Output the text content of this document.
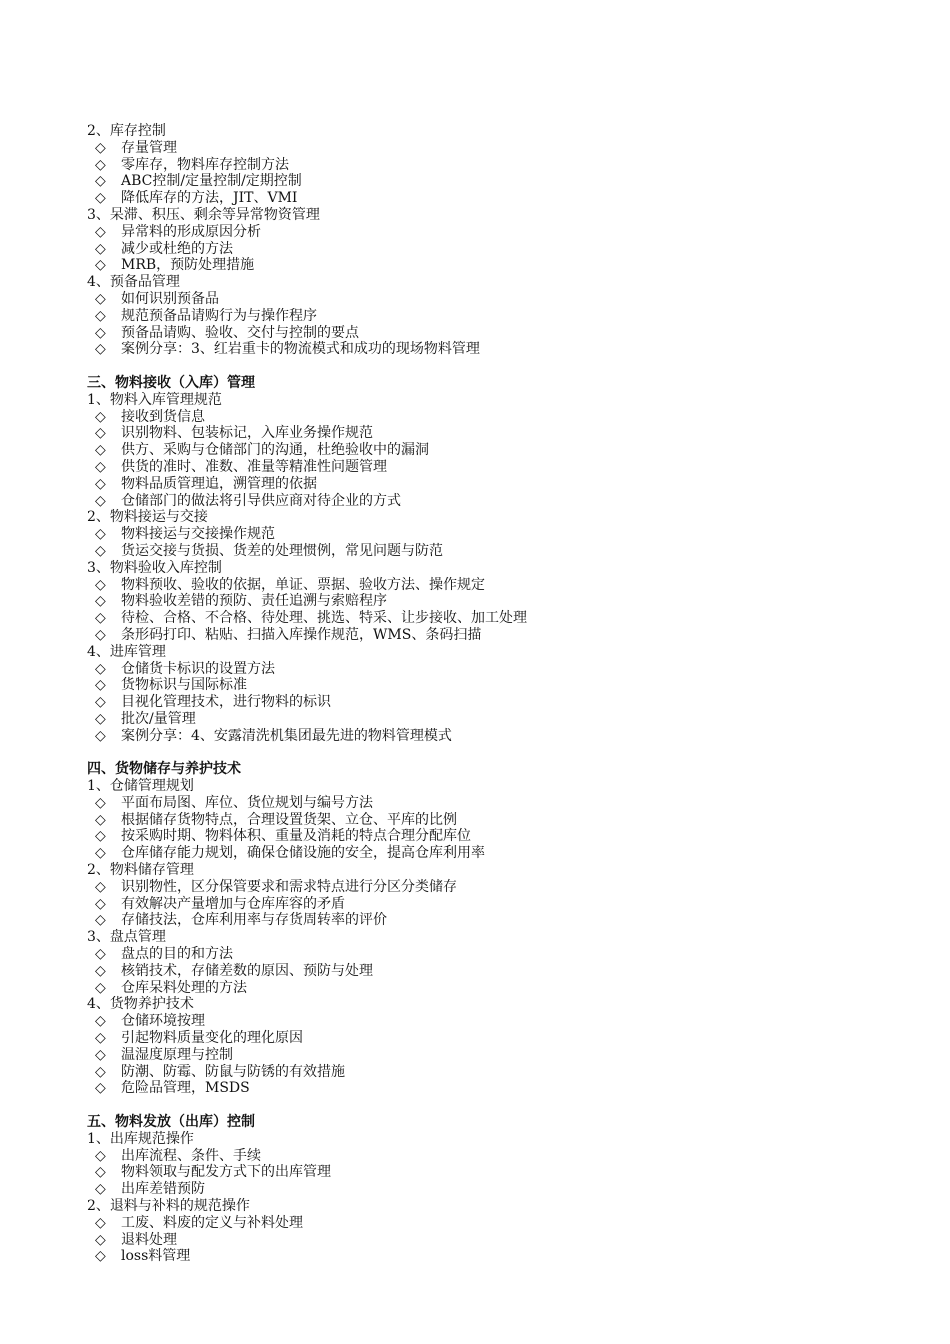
2、库存控制
◇ 存量管理
◇ 零库存，物料库存控制方法
◇ ABC控制/定量控制/定期控制
◇ 降低库存的方法，JIT、VMI
3、呆滞、积压、剩余等异常物资管理
◇ 异常料的形成原因分析
◇ 减少或杜绝的方法
◇ MRB，预防处理措施
4、预备品管理
◇ 如何识别预备品
◇ 规范预备品请购行为与操作程序
◇ 预备品请购、验收、交付与控制的要点
◇ 案例分享：3、红岩重卡的物流模式和成功的现场物料管理
三、物料接收（入库）管理
1、物料入库管理规范
◇ 接收到货信息
◇ 识别物料、包装标记，入库业务操作规范
◇ 供方、采购与仓储部门的沟通，杜绝验收中的漏洞
◇ 供货的准时、准数、准量等精准性问题管理
◇ 物料品质管理追，溯管理的依据
◇ 仓储部门的做法将引导供应商对待企业的方式
2、物料接运与交接
◇ 物料接运与交接操作规范
◇ 货运交接与货损、货差的处理惯例，常见问题与防范
3、物料验收入库控制
◇ 物料预收、验收的依据，单证、票据、验收方法、操作规定
◇ 物料验收差错的预防、责任追溯与索赔程序
◇ 待检、合格、不合格、待处理、挑选、特采、让步接收、加工处理
◇ 条形码打印、粘贴、扫描入库操作规范，WMS、条码扫描
4、进库管理
◇ 仓储货卡标识的设置方法
◇ 货物标识与国际标准
◇ 目视化管理技术，进行物料的标识
◇ 批次/量管理
◇ 案例分享：4、安露清洗机集团最先进的物料管理模式
四、货物储存与养护技术
1、仓储管理规划
◇ 平面布局图、库位、货位规划与编号方法
◇ 根据储存货物特点，合理设置货架、立仓、平库的比例
◇ 按采购时期、物料体积、重量及消耗的特点合理分配库位
◇ 仓库储存能力规划，确保仓储设施的安全，提高仓库利用率
2、物料储存管理
◇ 识别物性，区分保管要求和需求特点进行分区分类储存
◇ 有效解决产量增加与仓库库容的矛盾
◇ 存储技法，仓库利用率与存货周转率的评价
3、盘点管理
◇ 盘点的目的和方法
◇ 核销技术，存储差数的原因、预防与处理
◇ 仓库呆料处理的方法
4、货物养护技术
◇ 仓储环境按理
◇ 引起物料质量变化的理化原因
◇ 温湿度原理与控制
◇ 防潮、防霉、防鼠与防锈的有效措施
◇ 危险品管理，MSDS
五、物料发放（出库）控制
1、出库规范操作
◇ 出库流程、条件、手续
◇ 物料领取与配发方式下的出库管理
◇ 出库差错预防
2、退料与补料的规范操作
◇ 工废、料废的定义与补料处理
◇ 退料处理
◇ loss料管理
